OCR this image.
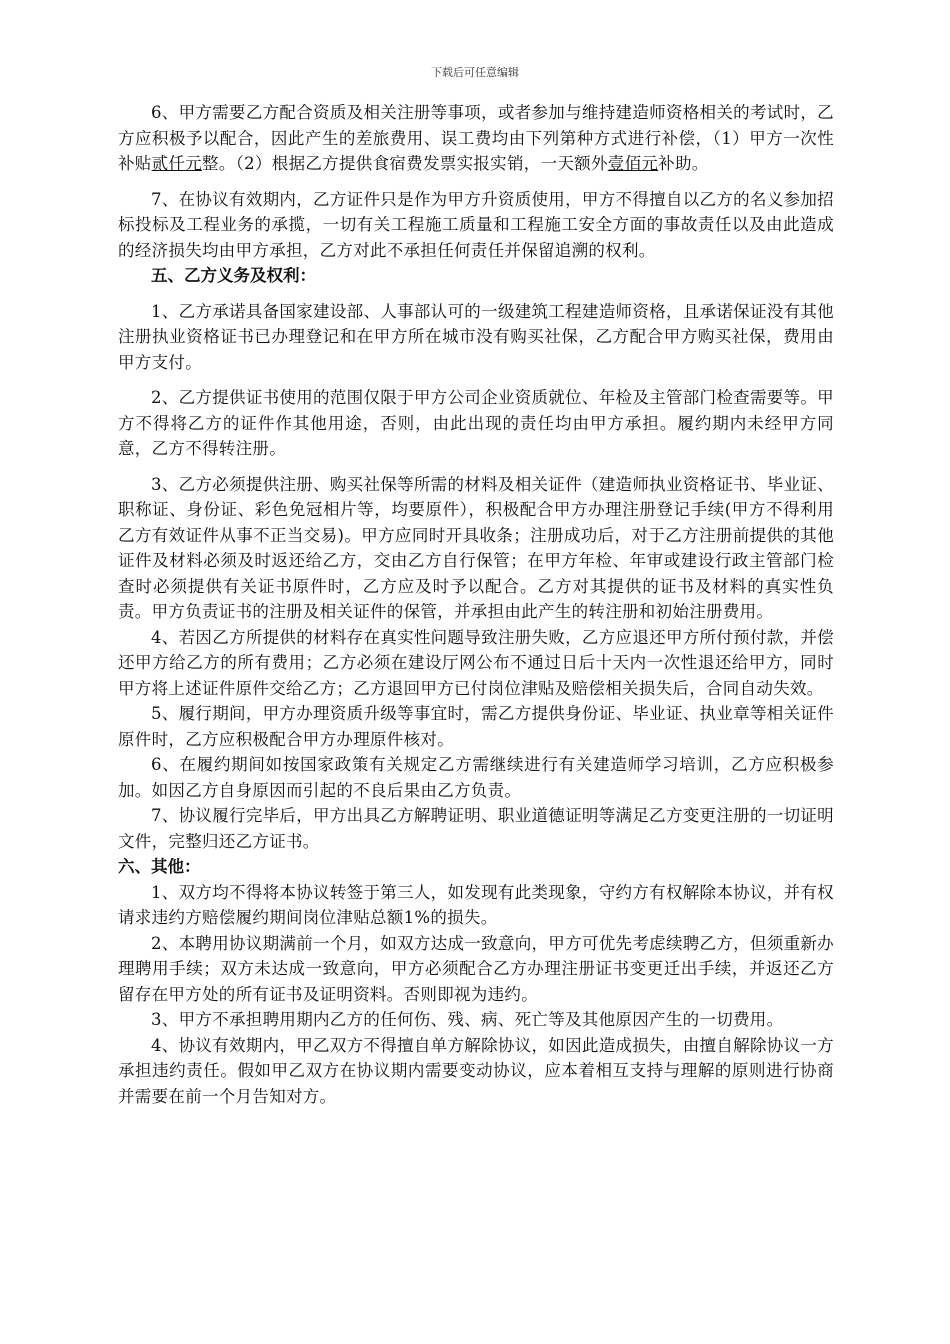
下载后可任意编辑

6、甲方需要乙方配合资质及相关注册等事项，或者参加与维持建造师资格相关的考试时，乙方应积极予以配合，因此产生的差旅费用、误工费均由下列第种方式进行补偿，（1）甲方一次性补贴贰仟元整。（2）根据乙方提供食宿费发票实报实销，一天额外壹佰元补助。

7、在协议有效期内，乙方证件只是作为甲方升资质使用，甲方不得擅自以乙方的名义参加招标投标及工程业务的承揽，一切有关工程施工质量和工程施工安全方面的事故责任以及由此造成的经济损失均由甲方承担，乙方对此不承担任何责任并保留追溯的权利。

五、乙方义务及权利：

1、乙方承诺具备国家建设部、人事部认可的一级建筑工程建造师资格，且承诺保证没有其他注册执业资格证书已办理登记和在甲方所在城市没有购买社保，乙方配合甲方购买社保，费用由甲方支付。

2、乙方提供证书使用的范围仅限于甲方公司企业资质就位、年检及主管部门检查需要等。甲方不得将乙方的证件作其他用途，否则，由此出现的责任均由甲方承担。履约期内未经甲方同意，乙方不得转注册。

3、乙方必须提供注册、购买社保等所需的材料及相关证件（建造师执业资格证书、毕业证、职称证、身份证、彩色免冠相片等，均要原件），积极配合甲方办理注册登记手续(甲方不得利用乙方有效证件从事不正当交易)。甲方应同时开具收条；注册成功后，对于乙方注册前提供的其他证件及材料必须及时返还给乙方，交由乙方自行保管；在甲方年检、年审或建设行政主管部门检查时必须提供有关证书原件时，乙方应及时予以配合。乙方对其提供的证书及材料的真实性负责。甲方负责证书的注册及相关证件的保管，并承担由此产生的转注册和初始注册费用。

4、若因乙方所提供的材料存在真实性问题导致注册失败，乙方应退还甲方所付预付款，并偿还甲方给乙方的所有费用；乙方必须在建设厅网公布不通过日后十天内一次性退还给甲方，同时甲方将上述证件原件交给乙方；乙方退回甲方已付岗位津贴及赔偿相关损失后，合同自动失效。

5、履行期间，甲方办理资质升级等事宜时，需乙方提供身份证、毕业证、执业章等相关证件原件时，乙方应积极配合甲方办理原件核对。

6、在履约期间如按国家政策有关规定乙方需继续进行有关建造师学习培训，乙方应积极参加。如因乙方自身原因而引起的不良后果由乙方负责。

7、协议履行完毕后，甲方出具乙方解聘证明、职业道德证明等满足乙方变更注册的一切证明文件，完整归还乙方证书。

六、其他：

1、双方均不得将本协议转签于第三人，如发现有此类现象，守约方有权解除本协议，并有权请求违约方赔偿履约期间岗位津贴总额1%的损失。

2、本聘用协议期满前一个月，如双方达成一致意向，甲方可优先考虑续聘乙方，但须重新办理聘用手续；双方未达成一致意向，甲方必须配合乙方办理注册证书变更迁出手续，并返还乙方留存在甲方处的所有证书及证明资料。否则即视为违约。

3、甲方不承担聘用期内乙方的任何伤、残、病、死亡等及其他原因产生的一切费用。

4、协议有效期内，甲乙双方不得擅自单方解除协议，如因此造成损失，由擅自解除协议一方承担违约责任。假如甲乙双方在协议期内需要变动协议，应本着相互支持与理解的原则进行协商并需要在前一个月告知对方。
